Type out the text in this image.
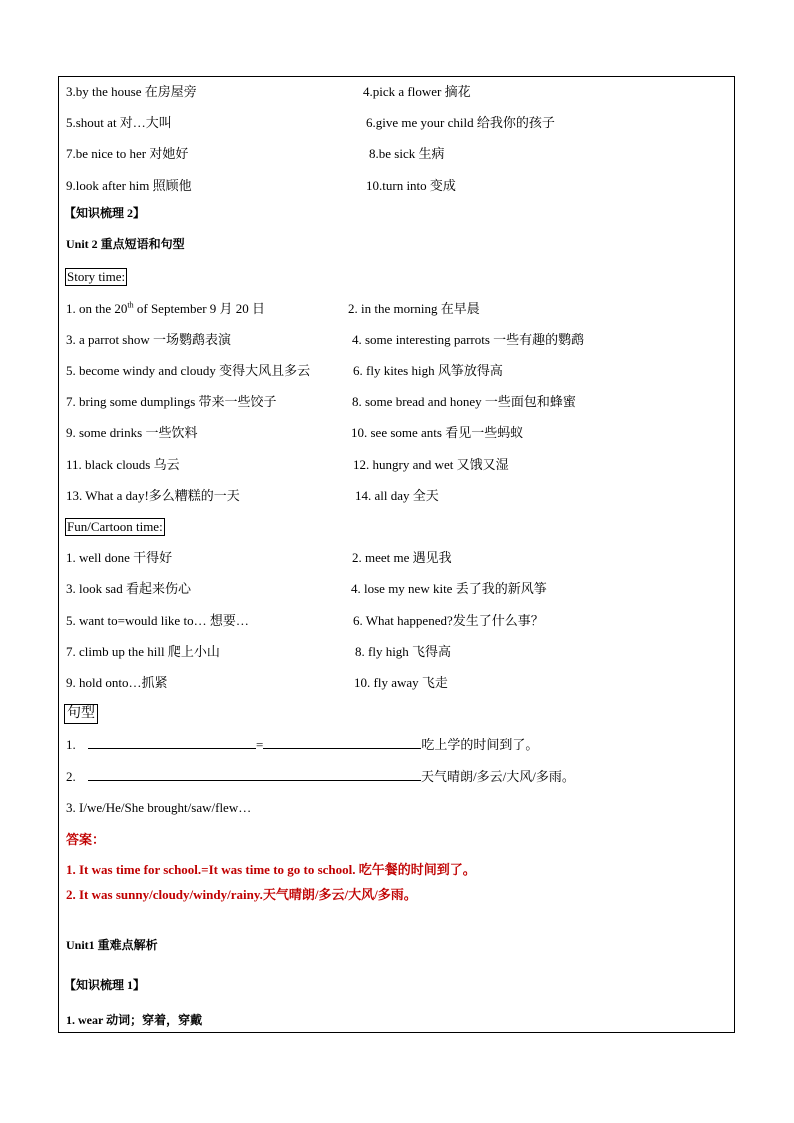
3.by the house 在房屋旁	4.pick a flower 摘花
5.shout at 对…大叫	6.give me your child 给我你的孩子
7.be nice to her 对她好	8.be sick 生病
9.look after him 照顾他	10.turn into 变成
【知识梳理 2】
Unit 2 重点短语和句型
Story time:
1. on the 20th of September 9 月 20 日	2. in the morning 在早晨
3. a parrot show 一场鹦鹉表演	4. some interesting parrots 一些有趣的鹦鹉
5. become windy and cloudy 变得大风且多云	6. fly kites high 风筝放得高
7. bring some dumplings 带来一些饺子	8. some bread and honey 一些面包和蜂蜜
9. some drinks 一些饮料	10. see some ants 看见一些蚂蚁
11. black clouds 乌云	12. hungry and wet 又饿又湿
13. What a day!多么糟糕的一天	14. all day 全天
Fun/Cartoon time:
1. well done 干得好	2. meet me 遇见我
3. look sad 看起来伤心	4. lose my new kite 丢了我的新风筝
5. want to=would like to… 想要…	6. What happened?发生了什么事？
7. climb up the hill 爬上小山	8. fly high 飞得高
9. hold onto…抓紧	10. fly away 飞走
句型
1.	=	吃上学的时间到了。
2.	天气晴朗/多云/大风/多雨。
3. I/we/He/She brought/saw/flew…
答案：
1. It was time for school.=It was time to go to school. 吃午餐的时间到了。
2. It was sunny/cloudy/windy/rainy.天气晴朗/多云/大风/多雨。
Unit1 重难点解析
【知识梳理 1】
1. wear 动词；穿着，穿戴
